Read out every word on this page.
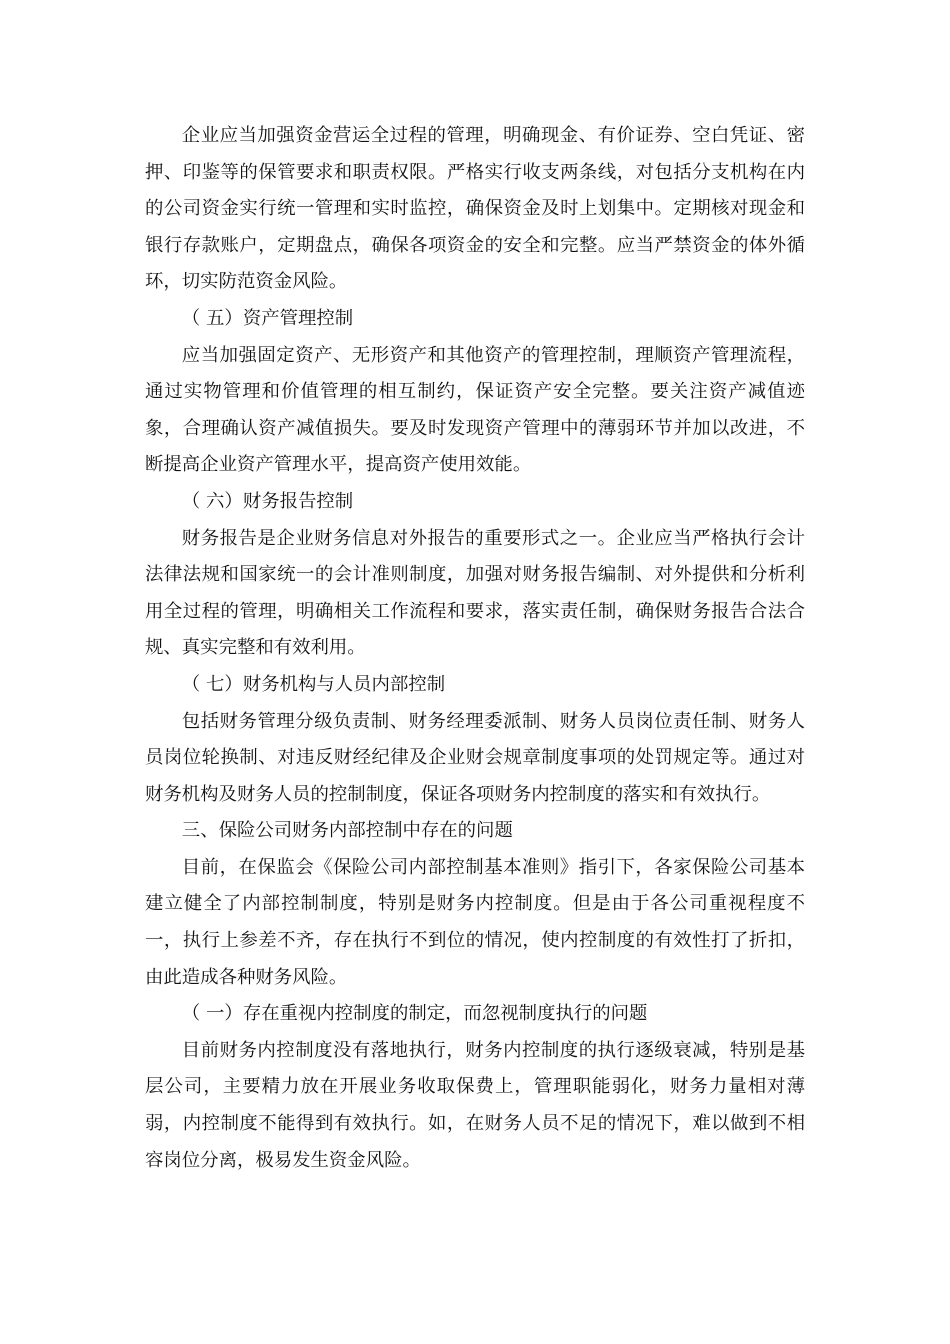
企业应当加强资金营运全过程的管理，明确现金、有价证券、空白凭证、密押、印鉴等的保管要求和职责权限。严格实行收支两条线，对包括分支机构在内的公司资金实行统一管理和实时监控，确保资金及时上划集中。定期核对现金和银行存款账户，定期盘点，确保各项资金的安全和完整。应当严禁资金的体外循环，切实防范资金风险。

（ 五）资产管理控制

应当加强固定资产、无形资产和其他资产的管理控制，理顺资产管理流程，通过实物管理和价值管理的相互制约，保证资产安全完整。要关注资产减值迹象，合理确认资产减值损失。要及时发现资产管理中的薄弱环节并加以改进，不断提高企业资产管理水平，提高资产使用效能。

（ 六）财务报告控制

财务报告是企业财务信息对外报告的重要形式之一。企业应当严格执行会计法律法规和国家统一的会计准则制度，加强对财务报告编制、对外提供和分析利用全过程的管理，明确相关工作流程和要求，落实责任制，确保财务报告合法合规、真实完整和有效利用。

（ 七）财务机构与人员内部控制

包括财务管理分级负责制、财务经理委派制、财务人员岗位责任制、财务人员岗位轮换制、对违反财经纪律及企业财会规章制度事项的处罚规定等。通过对财务机构及财务人员的控制制度，保证各项财务内控制度的落实和有效执行。

三、保险公司财务内部控制中存在的问题

目前，在保监会《保险公司内部控制基本准则》指引下，各家保险公司基本建立健全了内部控制制度，特别是财务内控制度。但是由于各公司重视程度不一，执行上参差不齐，存在执行不到位的情况，使内控制度的有效性打了折扣，由此造成各种财务风险。

（ 一）存在重视内控制度的制定，而忽视制度执行的问题

目前财务内控制度没有落地执行，财务内控制度的执行逐级衰减，特别是基层公司，主要精力放在开展业务收取保费上，管理职能弱化，财务力量相对薄弱，内控制度不能得到有效执行。如，在财务人员不足的情况下，难以做到不相容岗位分离，极易发生资金风险。
